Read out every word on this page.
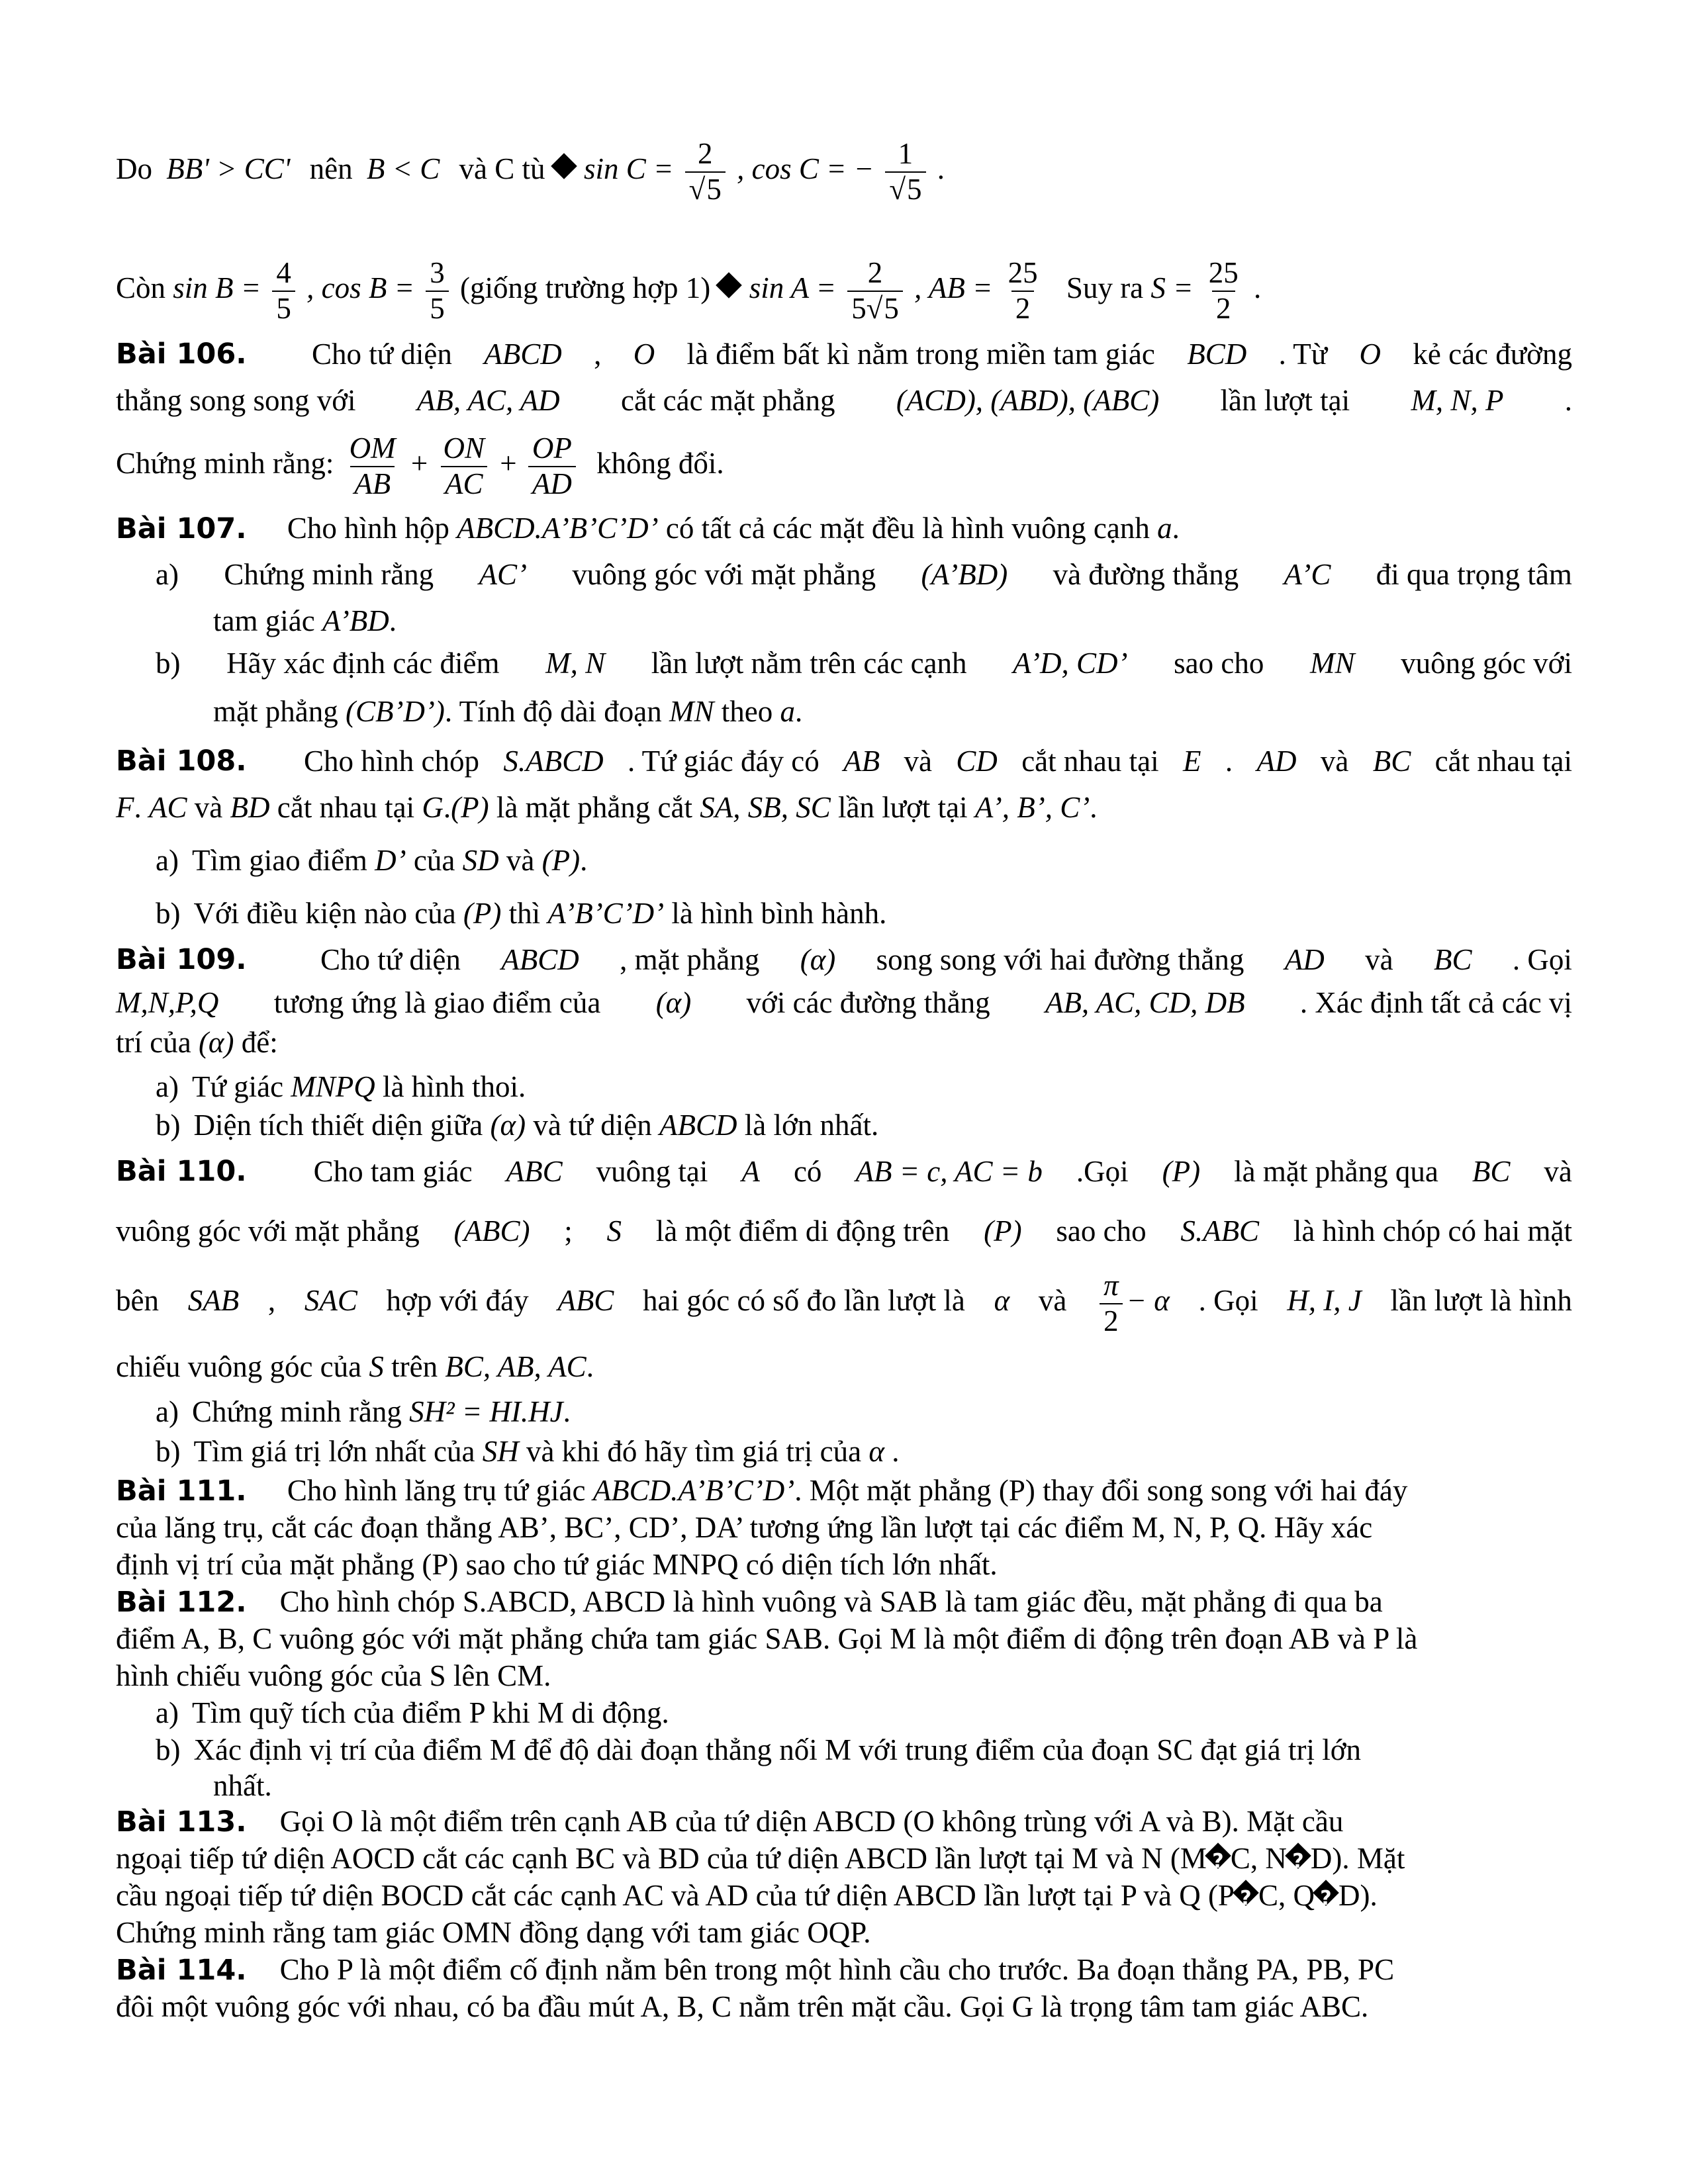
Do BB' > CC' nên B < C và C tù ? $\sin C = \frac{2}{√5}$ , cos C = − $\frac{1}{√5}$ .
Còn $\sin B = \frac{4}{5}$ , $\cos B = \frac{3}{5}$ (giống trường hợp 1) ? $\sin A = \frac{2}{5√5}$ , AB = $\frac{25}{2}$ Suy ra $S = \frac{25}{2}$ .
Bài 106. Cho tứ diện ABCD , O là điểm bất kì nằm trong miền tam giác BCD . Từ O kẻ các đường
thẳng song song với AB, AC, AD cắt các mặt phẳng (ACD), (ABD), (ABC) lần lượt tại M, N, P .
Chứng minh rằng: $\frac{OM}{AB} + \frac{ON}{AC} + \frac{OP}{AD}$ không đổi.
Bài 107. Cho hình hộp ABCD.A’B’C’D’ có tất cả các mặt đều là hình vuông cạnh a.
a) Chứng minh rằng AC’ vuông góc với mặt phẳng (A’BD) và đường thẳng A’C đi qua trọng tâm
tam giác A’BD.
b) Hãy xác định các điểm M, N lần lượt nằm trên các cạnh A’D, CD’ sao cho MN vuông góc với
mặt phẳng (CB’D’). Tính độ dài đoạn MN theo a.
Bài 108. Cho hình chóp S.ABCD . Tứ giác đáy có AB và CD cắt nhau tại E . AD và BC cắt nhau tại
F. AC và BD cắt nhau tại G.(P) là mặt phẳng cắt SA, SB, SC lần lượt tại A’, B’, C’.
a) Tìm giao điểm D’ của SD và (P).
b) Với điều kiện nào của (P) thì A’B’C’D’ là hình bình hành.
Bài 109. Cho tứ diện ABCD , mặt phẳng (α) song song với hai đường thẳng AD và BC . Gọi
M,N,P,Q tương ứng là giao điểm của (α) với các đường thẳng AB, AC, CD, DB . Xác định tất cả các vị
trí của (α) để:
a) Tứ giác MNPQ là hình thoi.
b) Diện tích thiết diện giữa (α) và tứ diện ABCD là lớn nhất.
Bài 110. Cho tam giác ABC vuông tại A có AB = c, AC = b .Gọi (P) là mặt phẳng qua BC và
vuông góc với mặt phẳng (ABC) ; S là một điểm di động trên (P) sao cho S.ABC là hình chóp có hai mặt
bên SAB , SAC hợp với đáy ABC hai góc có số đo lần lượt là α và $\frac{\pi}{2} - \alpha$ . Gọi H, I, J lần lượt là hình
chiếu vuông góc của S trên BC, AB, AC.
a) Chứng minh rằng SH² = HI.HJ.
b) Tìm giá trị lớn nhất của SH và khi đó hãy tìm giá trị của α .
Bài 111. Cho hình lăng trụ tứ giác ABCD.A’B’C’D’. Một mặt phẳng (P) thay đổi song song với hai đáy
của lăng trụ, cắt các đoạn thẳng AB’, BC’, CD’, DA’ tương ứng lần lượt tại các điểm M, N, P, Q. Hãy xác
định vị trí của mặt phẳng (P) sao cho tứ giác MNPQ có diện tích lớn nhất.
Bài 112. Cho hình chóp S.ABCD, ABCD là hình vuông và SAB là tam giác đều, mặt phẳng đi qua ba
điểm A, B, C vuông góc với mặt phẳng chứa tam giác SAB. Gọi M là một điểm di động trên đoạn AB và P là
hình chiếu vuông góc của S lên CM.
a) Tìm quỹ tích của điểm P khi M di động.
b) Xác định vị trí của điểm M để độ dài đoạn thẳng nối M với trung điểm của đoạn SC đạt giá trị lớn
nhất.
Bài 113. Gọi O là một điểm trên cạnh AB của tứ diện ABCD (O không trùng với A và B). Mặt cầu
ngoại tiếp tứ diện AOCD cắt các cạnh BC và BD của tứ diện ABCD lần lượt tại M và N (M ? C, N ? D). Mặt
cầu ngoại tiếp tứ diện BOCD cắt các cạnh AC và AD của tứ diện ABCD lần lượt tại P và Q (P ? C, Q ? D).
Chứng minh rằng tam giác OMN đồng dạng với tam giác OQP.
Bài 114. Cho P là một điểm cố định nằm bên trong một hình cầu cho trước. Ba đoạn thẳng PA, PB, PC
đôi một vuông góc với nhau, có ba đầu mút A, B, C nằm trên mặt cầu. Gọi G là trọng tâm tam giác ABC.
